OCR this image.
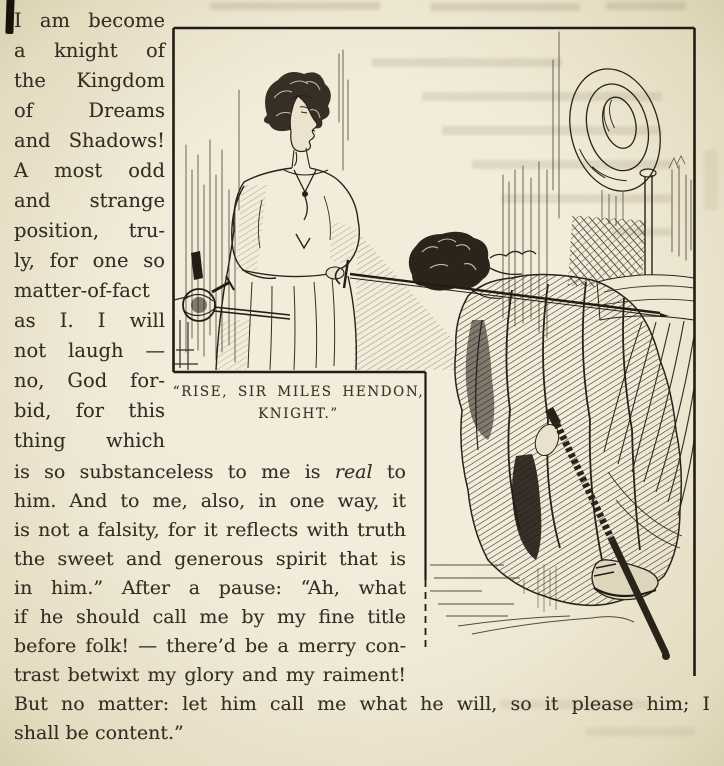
I am become
a knight of
the Kingdom
of Dreams
and Shadows!
A most odd
and strange
position, tru-
ly, for one so
matter-of-fact
as I. I will
not laugh —
no, God for-
bid, for this
thing which
is so substanceless to me is real to
him. And to me, also, in one way, it
is not a falsity, for it reflects with truth
the sweet and generous spirit that is
in him.” After a pause: “Ah, what
if he should call me by my fine title
before folk! — there’d be a merry con-
trast betwixt my glory and my raiment!
But no matter: let him call me what he will, so it please him; I
shall be content.”
“RISE, SIR MILES HENDON,
KNIGHT.”
